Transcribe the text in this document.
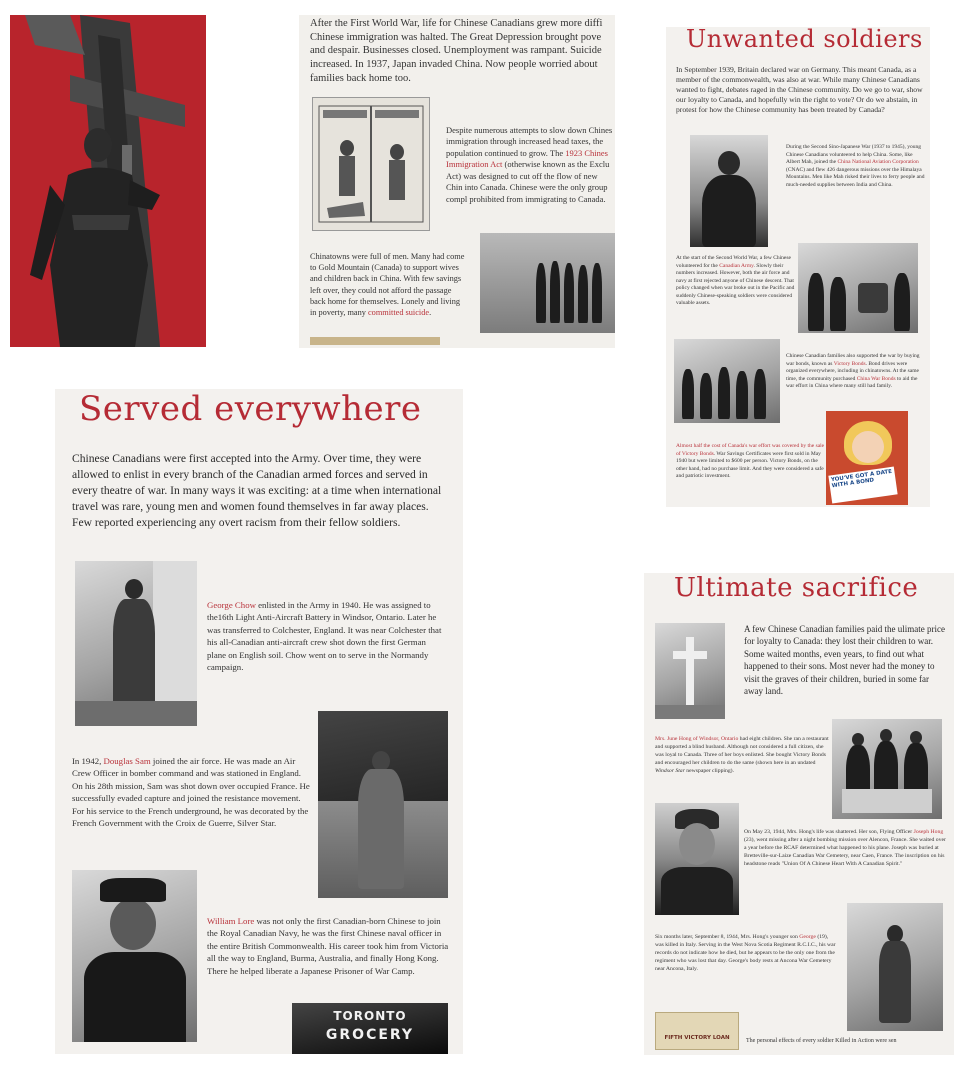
After the First World War, life for Chinese Canadians grew more diffi Chinese immigration was halted. The Great Depression brought pove and despair. Businesses closed. Unemployment was rampant. Suicide increased. In 1937, Japan invaded China. Now people worried about families back home too.
Despite numerous attempts to slow down Chines immigration through increased head taxes, the population continued to grow. The 1923 Chines Immigration Act (otherwise known as the Exclu Act) was designed to cut off the flow of new Chin into Canada. Chinese were the only group compl prohibited from immigrating to Canada.
Chinatowns were full of men. Many had come to Gold Mountain (Canada) to support wives and children back in China. With few savings left over, they could not afford the passage back home for themselves. Lonely and living in poverty, many committed suicide.
Unwanted soldiers
In September 1939, Britain declared war on Germany. This meant Canada, as a member of the commonwealth, was also at war. While many Chinese Canadians wanted to fight, debates raged in the Chinese community. Do we go to war, show our loyalty to Canada, and hopefully win the right to vote? Or do we abstain, in protest for how the Chinese community has been treated by Canada?
During the Second Sino-Japanese War (1937 to 1945), young Chinese Canadians volunteered to help China. Some, like Albert Mah, joined the China National Aviation Corporation (CNAC) and flew 426 dangerous missions over the Himalaya Mountains. Men like Mah risked their lives to ferry people and much-needed supplies between India and China.
At the start of the Second World War, a few Chinese volunteered for the Canadian Army. Slowly their numbers increased. However, both the air force and navy at first rejected anyone of Chinese descent. That policy changed when war broke out in the Pacific and suddenly Chinese-speaking soldiers were considered valuable assets.
Chinese Canadian families also supported the war by buying war bonds, known as Victory Bonds. Bond drives were organized everywhere, including in chinatowns. At the same time, the community purchased China War Bonds to aid the war effort in China where many still had family.
Almost half the cost of Canada's war effort was covered by the sale of Victory Bonds. War Savings Certificates were first sold in May 1940 but were limited to $600 per person. Victory Bonds, on the other hand, had no purchase limit. And they were considered a safe and patriotic investment.	YOU'VE GOT A DATE WITH A BOND
Served everywhere
Chinese Canadians were first accepted into the Army. Over time, they were allowed to enlist in every branch of the Canadian armed forces and served in every theatre of war. In many ways it was exciting: at a time when international travel was rare, young men and women found themselves in far away places. Few reported experiencing any overt racism from their fellow soldiers.
George Chow enlisted in the Army in 1940. He was assigned to the16th Light Anti-Aircraft Battery in Windsor, Ontario. Later he was transferred to Colchester, England. It was near Colchester that his all-Canadian anti-aircraft crew shot down the first German plane on English soil. Chow went on to serve in the Normandy campaign.
In 1942, Douglas Sam joined the air force. He was made an Air Crew Officer in bomber command and was stationed in England. On his 28th mission, Sam was shot down over occupied France. He successfully evaded capture and joined the resistance movement. For his service to the French underground, he was decorated by the French Government with the Croix de Guerre, Silver Star.
William Lore was not only the first Canadian-born Chinese to join the Royal Canadian Navy, he was the first Chinese naval officer in the entire British Commonwealth. His career took him from Victoria all the way to England, Burma, Australia, and finally Hong Kong. There he helped liberate a Japanese Prisoner of War Camp.
TORONTO
GROCERY
Ultimate sacrifice
A few Chinese Canadian families paid the ulimate price for loyalty to Canada: they lost their children to war. Some waited months, even years, to find out what happened to their sons. Most never had the money to visit the graves of their children, buried in some far away land.
Mrs. June Hong of Windsor, Ontario had eight children. She ran a restaurant and supported a blind husband. Although not considered a full citizen, she was loyal to Canada. Three of her boys enlisted. She bought Victory Bonds and encouraged her children to do the same (shown here in an undated Windsor Star newspaper clipping).
On May 23, 1944, Mrs. Hong's life was shattered. Her son, Flying Officer Joseph Hong (23), went missing after a night bombing mission over Alencon, France. She waited over a year before the RCAF determined what happened to his plane. Joseph was buried at Bretteville-sur-Laize Canadian War Cemetery, near Caen, France. The inscription on his headstone reads "Union Of A Chinese Heart With A Canadian Spirit."
Six months later, September 8, 1944, Mrs. Hong's younger son George (19), was killed in Italy. Serving in the West Nova Scotia Regiment R.C.I.C., his war records do not indicate how he died, but he appears to be the only one from the regiment who was lost that day. George's body rests at Ancona War Cemetery near Ancona, Italy.
FIFTH VICTORY LOAN	The personal effects of every soldier Killed in Action were sen
